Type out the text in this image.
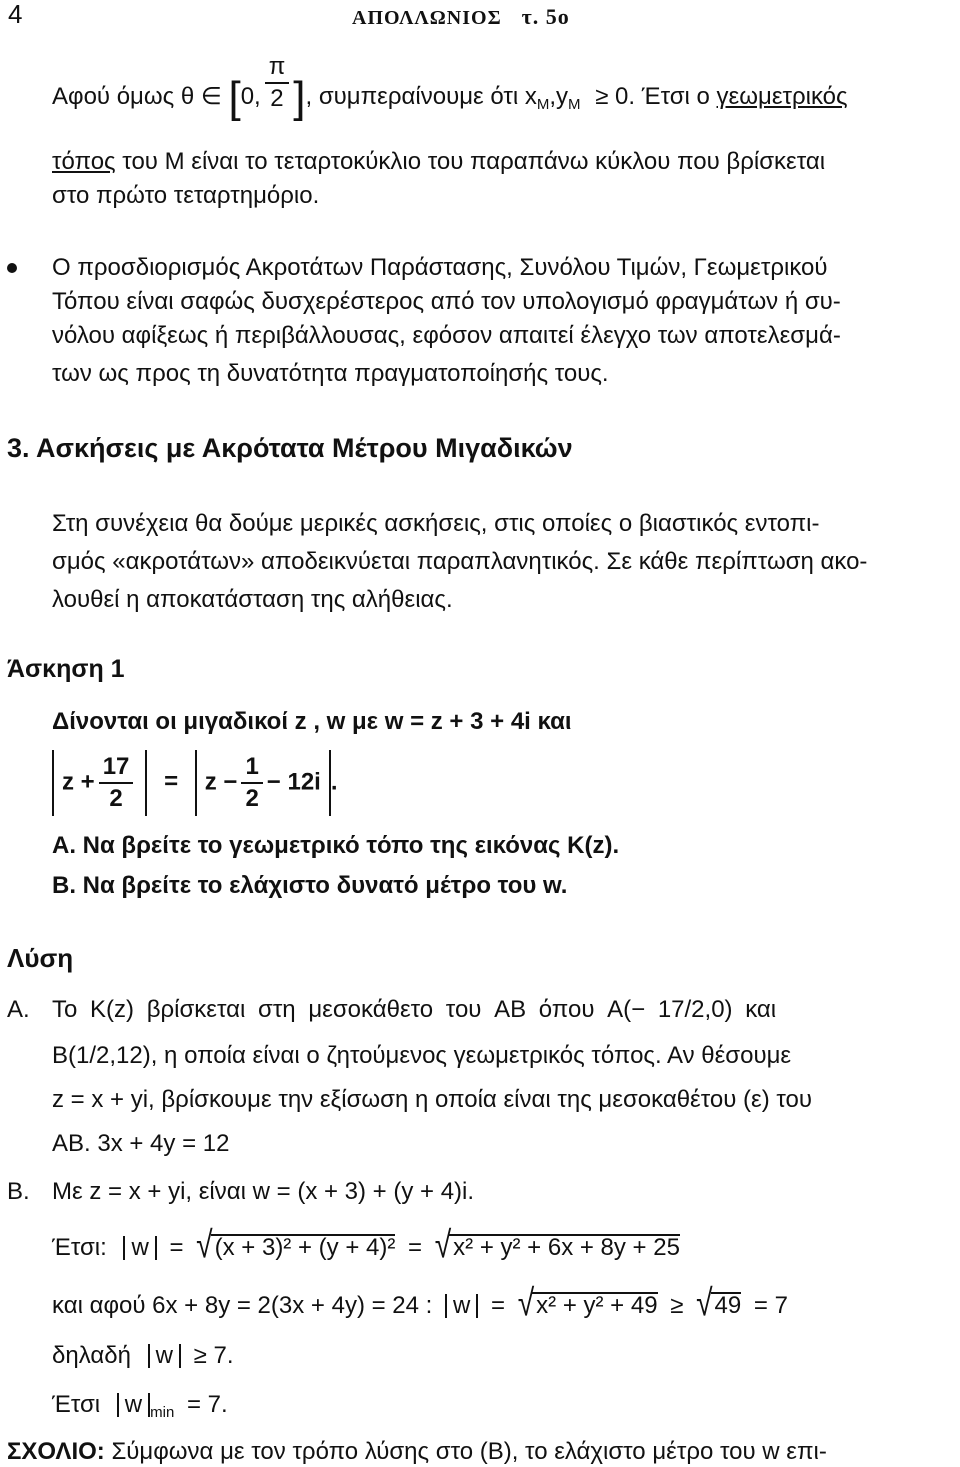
4	ΑΠΟΛΛΩΝΙΟΣ τ. 5ο
Αφού όμως θ ∈ [0, $\frac{\pi}{2}$ ], συμπεραίνουμε ότι $x_M,y_M \ge 0$. Έτσι ο γεωμετρικός
τόπος του Μ είναι το τεταρτοκύκλιο του παραπάνω κύκλου που βρίσκεται
στο πρώτο τεταρτημόριο.
Ο προσδιορισμός Ακροτάτων Παράστασης, Συνόλου Τιμών, Γεωμετρικού
Τόπου είναι σαφώς δυσχερέστερος από τον υπολογισμό φραγμάτων ή συ-
νόλου αφίξεως ή περιβάλλουσας, εφόσον απαιτεί έλεγχο των αποτελεσμά-
των ως προς τη δυνατότητα πραγματοποίησής τους.
3. Ασκήσεις με Ακρότατα Μέτρου Μιγαδικών
Στη συνέχεια θα δούμε μερικές ασκήσεις, στις οποίες ο βιαστικός εντοπι-
σμός «ακροτάτων» αποδεικνύεται παραπλανητικός. Σε κάθε περίπτωση ακο-
λουθεί η αποκατάσταση της αλήθειας.
Άσκηση 1
Δίνονται οι μιγαδικοί z , w με w = z + 3 + 4i και
$z + \frac{17}{2} = z - \frac{1}{2} - 12i$ .
Α. Να βρείτε το γεωμετρικό τόπο της εικόνας K(z).
Β. Να βρείτε το ελάχιστο δυνατό μέτρο του w.
Λύση
Α. Το K(z) βρίσκεται στη μεσοκάθετο του AB όπου A(− 17/2,0) και
B(1/2,12), η οποία είναι ο ζητούμενος γεωμετρικός τόπος. Αν θέσουμε
z = x + yi, βρίσκουμε την εξίσωση η οποία είναι της μεσοκαθέτου (ε) του
AB. 3x + 4y = 12
Β. Με z = x + yi, είναι w = (x + 3) + (y + 4)i.
Έτσι: w = √(x + 3)² + (y + 4)² = √x² + y² + 6x + 8y + 25
και αφού 6x + 8y = 2(3x + 4y) = 24 : w = √x² + y² + 49 ≥ √49 = 7
δηλαδή w ≥ 7.
Έτσι w $_{min}$ = 7.
ΣΧΟΛΙΟ: Σύμφωνα με τον τρόπο λύσης στο (Β), το ελάχιστο μέτρο του w επι-
